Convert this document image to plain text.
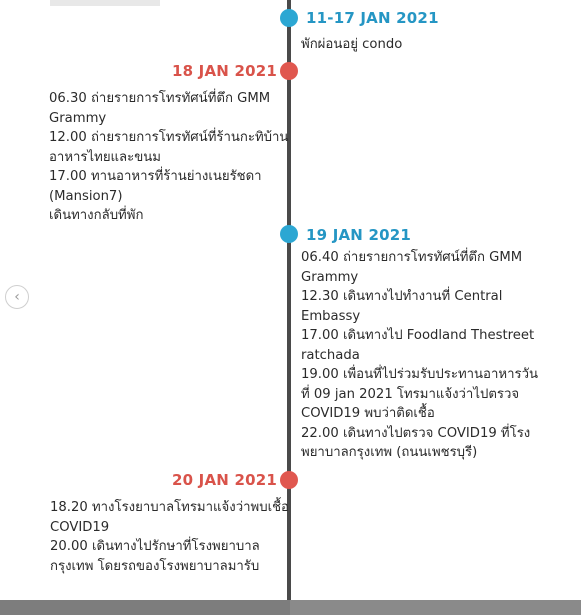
11-17 JAN 2021
พักผ่อนอยู่ condo
18 JAN 2021
06.30 ถ่ายรายการโทรทัศน์ที่ตึก GMM
Grammy
12.00 ถ่ายรายการโทรทัศน์ที่ร้านกะทิบ้าน
อาหารไทยและขนม
17.00 ทานอาหารที่ร้านย่างเนยรัชดา
(Mansion7)
เดินทางกลับที่พัก
19 JAN 2021
06.40 ถ่ายรายการโทรทัศน์ที่ตึก GMM
Grammy
12.30 เดินทางไปทำงานที่ Central
Embassy
17.00 เดินทางไป Foodland Thestreet
ratchada
19.00 เพื่อนที่ไปร่วมรับประทานอาหารวัน
ที่ 09 jan 2021 โทรมาแจ้งว่าไปตรวจ
COVID19 พบว่าติดเชื้อ
22.00 เดินทางไปตรวจ COVID19 ที่โรง
พยาบาลกรุงเทพ (ถนนเพชรบุรี)
20 JAN 2021
18.20 ทางโรงยาบาลโทรมาแจ้งว่าพบเชื้อ
COVID19
20.00 เดินทางไปรักษาที่โรงพยาบาล
กรุงเทพ โดยรถของโรงพยาบาลมารับ
‹
